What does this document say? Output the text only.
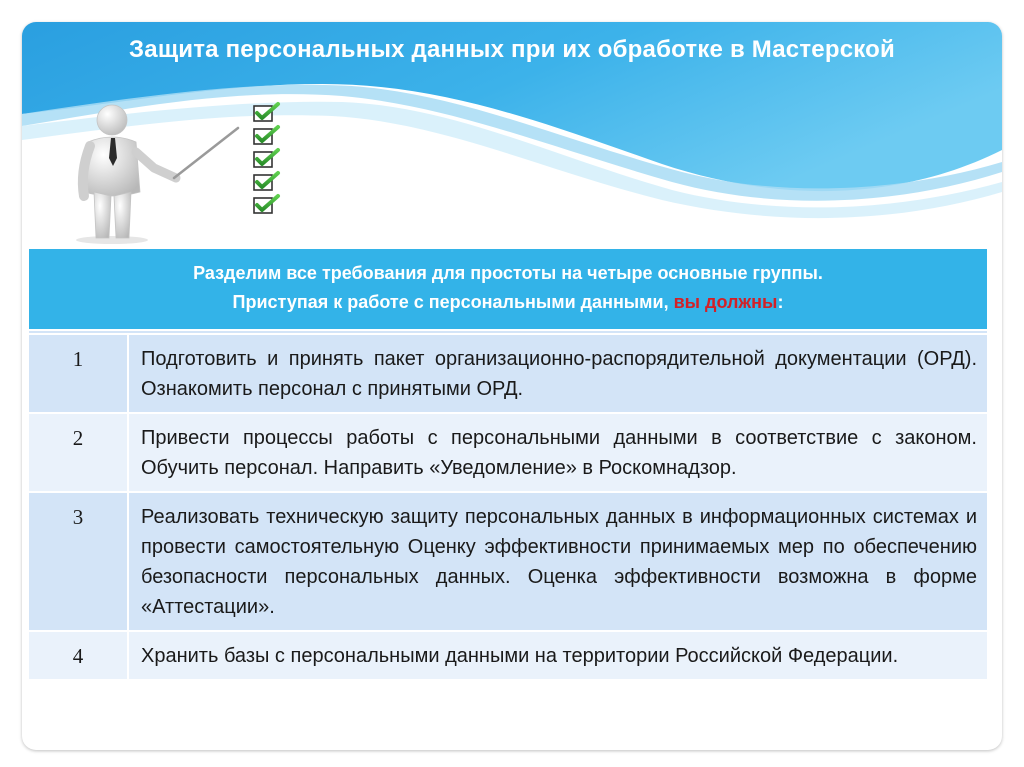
Защита персональных данных при их обработке в Мастерской
Разделим все требования для простоты на четыре основные группы.
Приступая к работе с персональными данными, вы должны:	

1	Подготовить и принять пакет организационно-распорядительной документации (ОРД). Ознакомить персонал с принятыми ОРД.
2	Привести процессы работы с персональными данными в соответствие с законом. Обучить персонал. Направить «Уведомление» в Роскомнадзор.
3	Реализовать техническую защиту персональных данных в информационных системах и провести самостоятельную Оценку эффективности принимаемых мер по обеспечению безопасности персональных данных. Оценка эффективности возможна в форме «Аттестации».
4	Хранить базы с персональными данными на территории Российской Федерации.
